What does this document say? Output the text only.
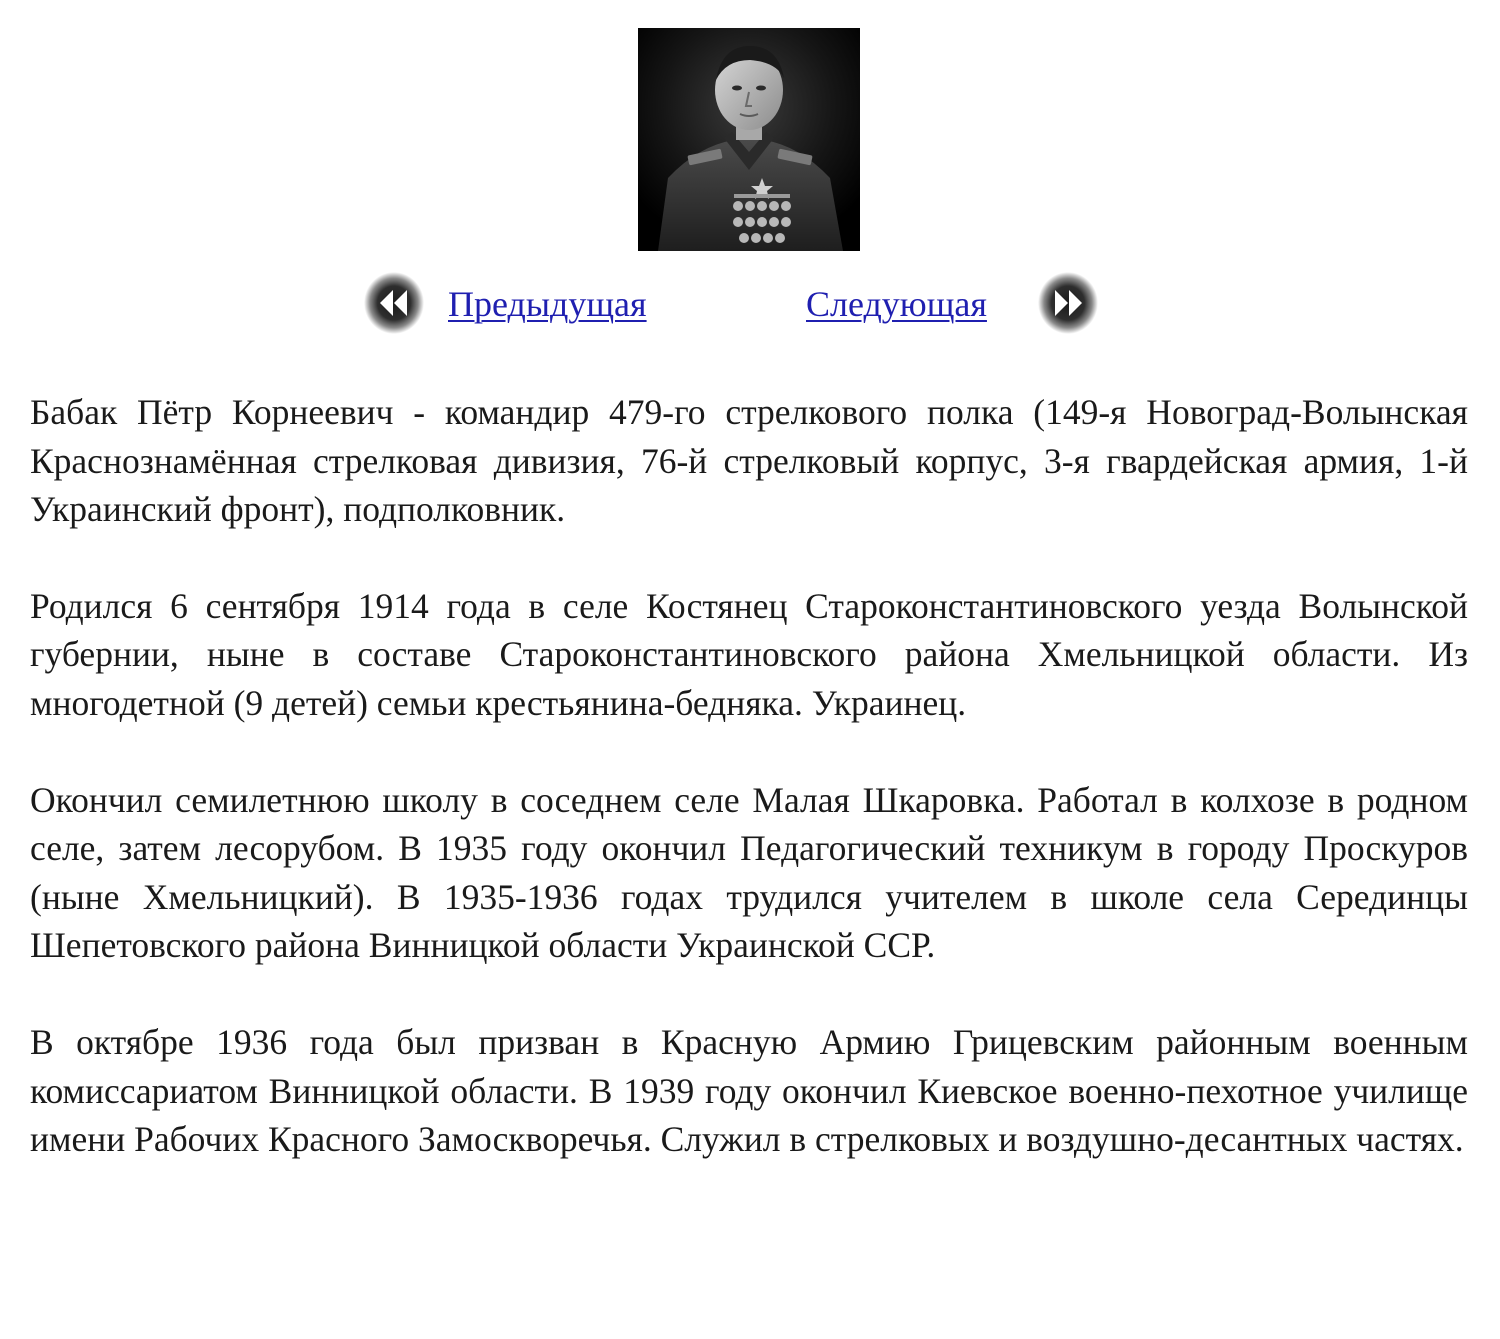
Предыдущая	Следующая

Бабак Пётр Корнеевич - командир 479-го стрелкового полка (149-я Новоград-Волынская Краснознамённая стрелковая дивизия, 76-й стрелковый корпус, 3-я гвардейская армия, 1-й Украинский фронт), подполковник.

Родился 6 сентября 1914 года в селе Костянец Староконстантиновского уезда Волынской губернии, ныне в составе Староконстантиновского района Хмельницкой области. Из многодетной (9 детей) семьи крестьянина-бедняка. Украинец.

Окончил семилетнюю школу в соседнем селе Малая Шкаровка. Работал в колхозе в родном селе, затем лесорубом. В 1935 году окончил Педагогический техникум в городу Проскуров (ныне Хмельницкий). В 1935-1936 годах трудился учителем в школе села Серединцы Шепетовского района Винницкой области Украинской ССР.

В октябре 1936 года был призван в Красную Армию Грицевским районным военным комиссариатом Винницкой области. В 1939 году окончил Киевское военно-пехотное училище имени Рабочих Красного Замоскворечья. Служил в стрелковых и воздушно-десантных частях.
